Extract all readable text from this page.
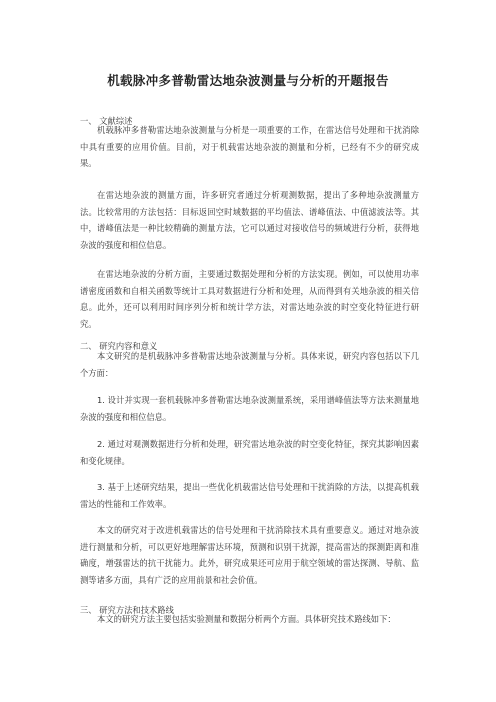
机载脉冲多普勒雷达地杂波测量与分析的开题报告
一、 文献综述
机载脉冲多普勒雷达地杂波测量与分析是一项重要的工作，在雷达信号处理和干扰消除中具有重要的应用价值。目前，对于机载雷达地杂波的测量和分析，已经有不少的研究成果。
在雷达地杂波的测量方面，许多研究者通过分析观测数据，提出了多种地杂波测量方法。比较常用的方法包括：目标返回空时域数据的平均值法、谱峰值法、中值滤波法等。其中，谱峰值法是一种比较精确的测量方法，它可以通过对接收信号的频域进行分析，获得地杂波的强度和相位信息。
在雷达地杂波的分析方面，主要通过数据处理和分析的方法实现。例如，可以使用功率谱密度函数和自相关函数等统计工具对数据进行分析和处理，从而得到有关地杂波的相关信息。此外，还可以利用时间序列分析和统计学方法，对雷达地杂波的时空变化特征进行研究。
二、 研究内容和意义
本文研究的是机载脉冲多普勒雷达地杂波测量与分析。具体来说，研究内容包括以下几个方面：
1. 设计并实现一套机载脉冲多普勒雷达地杂波测量系统，采用谱峰值法等方法来测量地杂波的强度和相位信息。
2. 通过对观测数据进行分析和处理，研究雷达地杂波的时空变化特征，探究其影响因素和变化规律。
3. 基于上述研究结果，提出一些优化机载雷达信号处理和干扰消除的方法，以提高机载雷达的性能和工作效率。
本文的研究对于改进机载雷达的信号处理和干扰消除技术具有重要意义。通过对地杂波进行测量和分析，可以更好地理解雷达环境，预测和识别干扰源，提高雷达的探测距离和准确度，增强雷达的抗干扰能力。此外，研究成果还可应用于航空领域的雷达探测、导航、监测等诸多方面，具有广泛的应用前景和社会价值。
三、 研究方法和技术路线
本文的研究方法主要包括实验测量和数据分析两个方面。具体研究技术路线如下：
